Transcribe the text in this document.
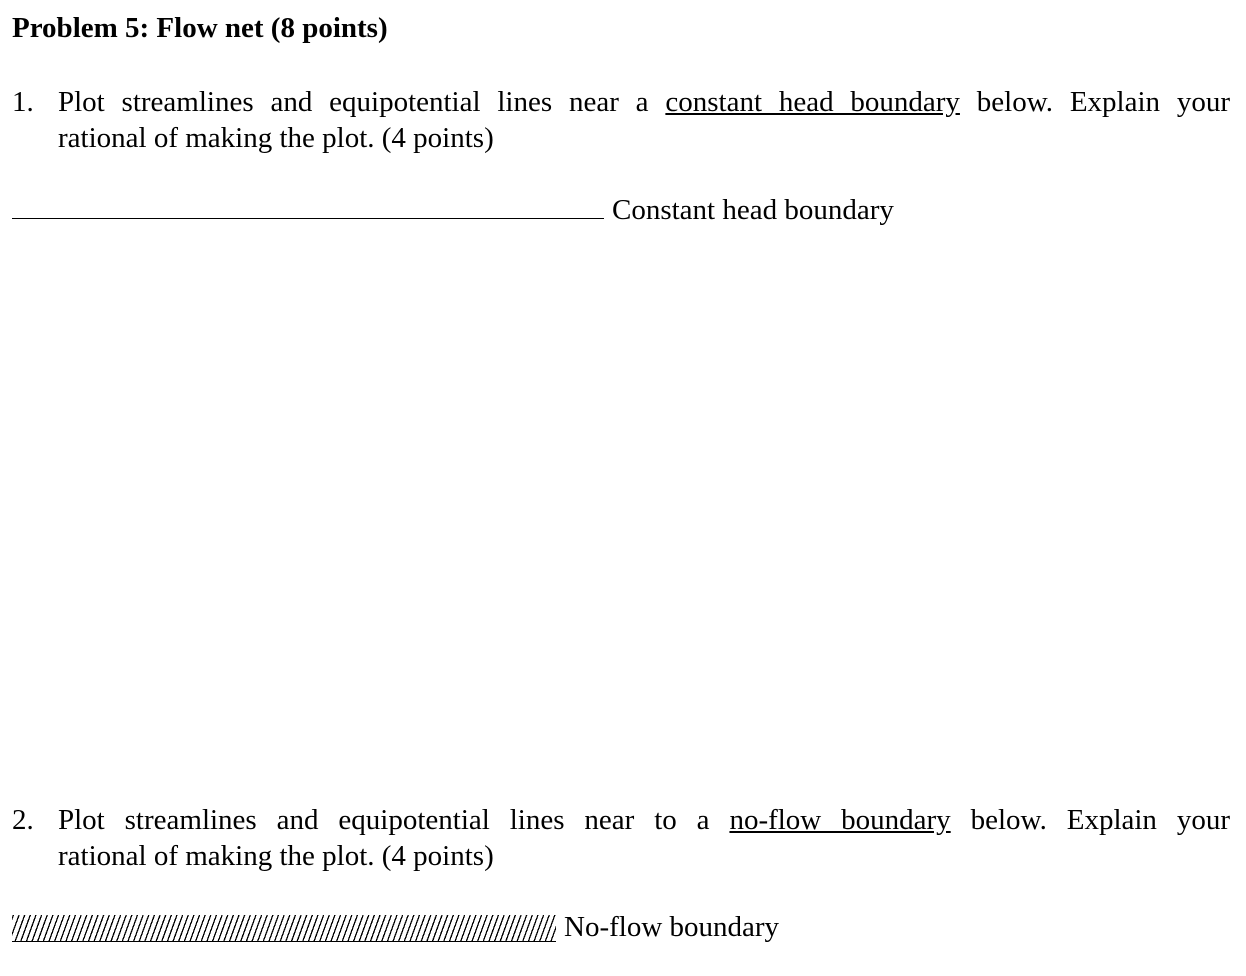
Problem 5: Flow net (8 points)
1. Plot streamlines and equipotential lines near a constant head boundary below. Explain your
rational of making the plot. (4 points)
Constant head boundary
2. Plot streamlines and equipotential lines near to a no-flow boundary below. Explain your
rational of making the plot. (4 points)
No-flow boundary
